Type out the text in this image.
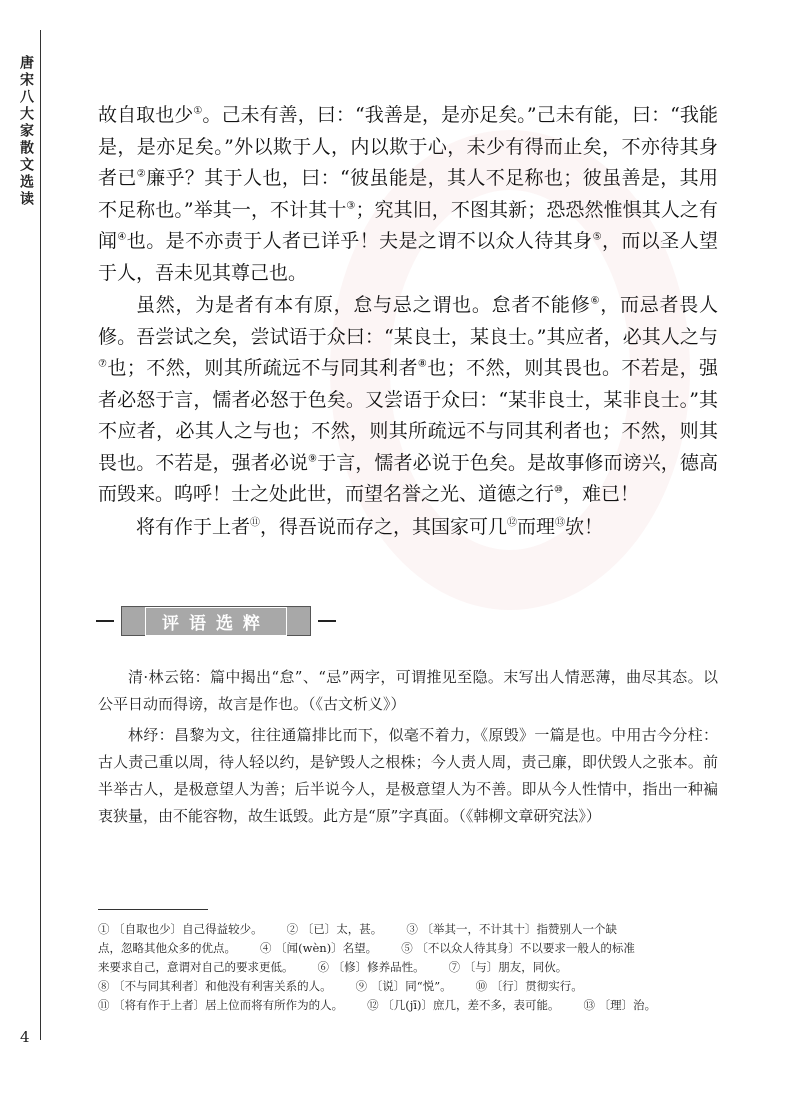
唐宋八大家散文选读	故自取也少①。己未有善，曰：“我善是，是亦足矣。”己未有能，曰：“我能是，是亦足矣。”外以欺于人，内以欺于心，未少有得而止矣，不亦待其身者已②廉乎？其于人也，曰：“彼虽能是，其人不足称也；彼虽善是，其用不足称也。”举其一，不计其十③；究其旧，不图其新；恐恐然惟惧其人之有闻④也。是不亦责于人者已详乎！夫是之谓不以众人待其身⑤，而以圣人望于人，吾未见其尊己也。

虽然，为是者有本有原，怠与忌之谓也。怠者不能修⑥，而忌者畏人修。吾尝试之矣，尝试语于众曰：“某良士，某良士。”其应者，必其人之与⑦也；不然，则其所疏远不与同其利者⑧也；不然，则其畏也。不若是，强者必怒于言，懦者必怒于色矣。又尝语于众曰：“某非良士，某非良士。”其不应者，必其人之与也；不然，则其所疏远不与同其利者也；不然，则其畏也。不若是，强者必说⑨于言，懦者必说于色矣。是故事修而谤兴，德高而毁来。呜呼！士之处此世，而望名誉之光、道德之行⑩，难已！

将有作于上者⑪，得吾说而存之，其国家可几⑫而理⑬欤！

评语选粹

清·林云铭：篇中揭出“怠”、“忌”两字，可谓推见至隐。末写出人情恶薄，曲尽其态。以公平日动而得谤，故言是作也。（《古文析义》）

林纾：昌黎为文，往往通篇排比而下，似毫不着力，《原毁》一篇是也。中用古今分柱：古人责己重以周，待人轻以约，是铲毁人之根株；今人责人周，责己廉，即伏毁人之张本。前半举古人，是极意望人为善；后半说今人，是极意望人为不善。即从今人性情中，指出一种褊衷狭量，由不能容物，故生诋毁。此方是“原”字真面。（《韩柳文章研究法》）

① 〔自取也少〕自己得益较少。 ② 〔已〕太，甚。 ③ 〔举其一，不计其十〕指赞别人一个缺
点，忽略其他众多的优点。 ④ 〔闻(wèn)〕名望。 ⑤ 〔不以众人待其身〕不以要求一般人的标准
来要求自己，意谓对自己的要求更低。 ⑥ 〔修〕修养品性。 ⑦ 〔与〕朋友，同伙。
⑧ 〔不与同其利者〕和他没有利害关系的人。 ⑨ 〔说〕同“悦”。 ⑩ 〔行〕贯彻实行。
⑪ 〔将有作于上者〕居上位而将有所作为的人。 ⑫ 〔几(jī)〕庶几，差不多，表可能。 ⑬ 〔理〕治。
4
